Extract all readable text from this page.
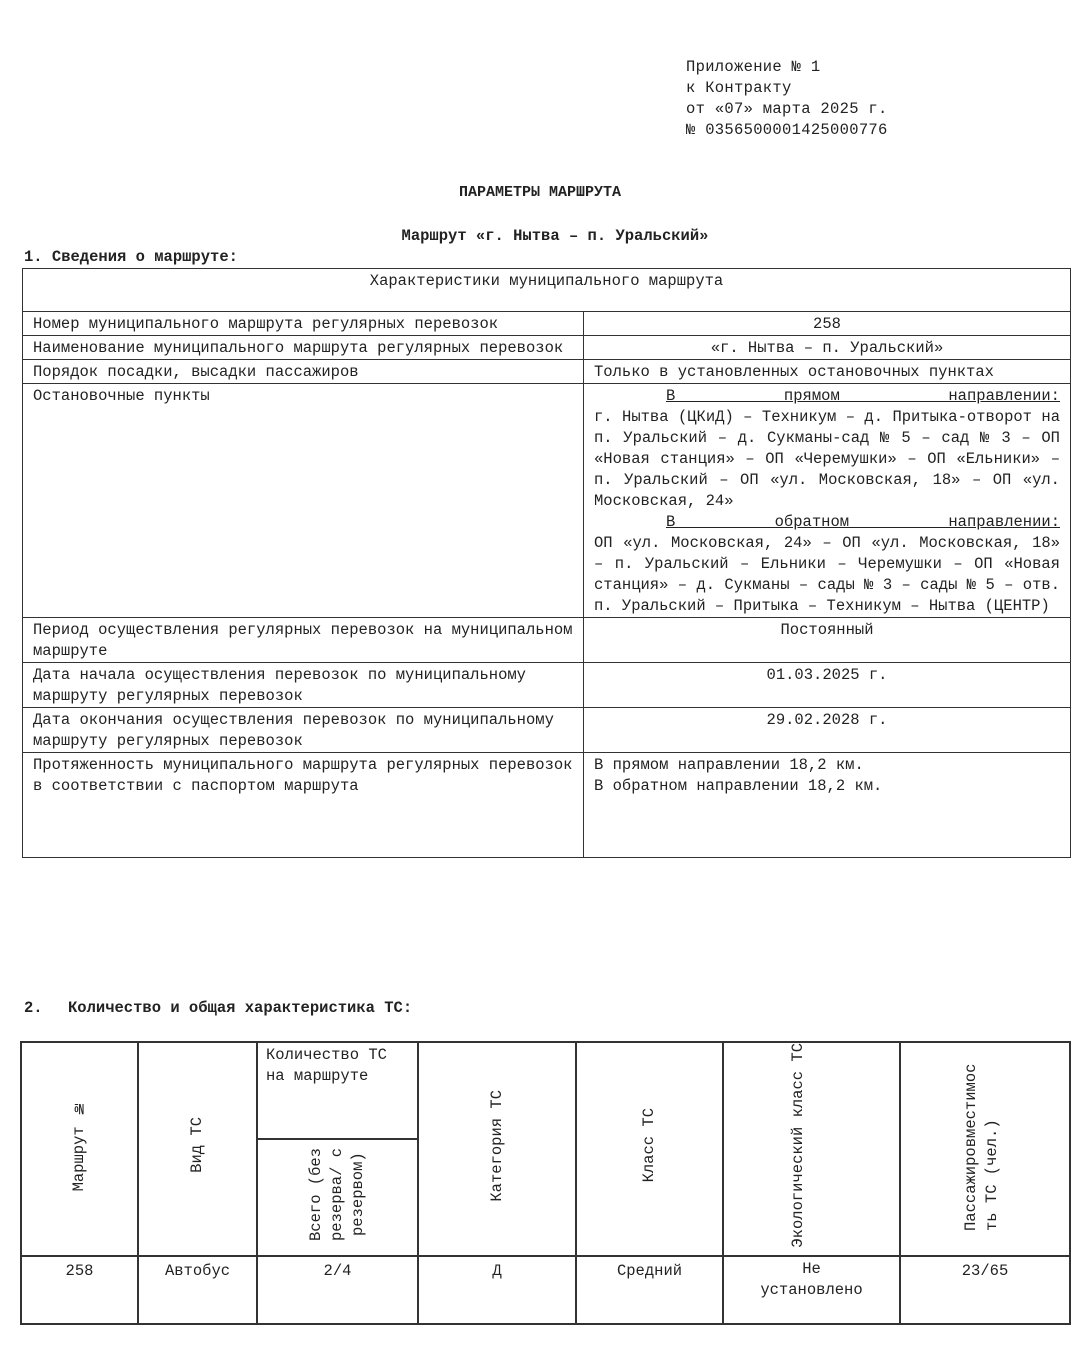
Приложение № 1
к Контракту
от «07» марта 2025 г.
№ 0356500001425000776
ПАРАМЕТРЫ МАРШРУТА
Маршрут «г. Нытва – п. Уральский»
1. Сведения о маршруте:
Характеристики муниципального маршрута	
Номер муниципального маршрута регулярных перевозок	258
Наименование муниципального маршрута регулярных перевозок	«г. Нытва – п. Уральский»
Порядок посадки, высадки пассажиров	Только в установленных остановочных пунктах
Остановочные пункты	В прямом направлении:
г. Нытва (ЦКиД) – Техникум – д. Притыка-отворот на п. Уральский – д. Сукманы-сад № 5 – сад № 3 – ОП «Новая станция» – ОП «Черемушки» – ОП «Ельники» – п. Уральский – ОП «ул. Московская, 18» – ОП «ул. Московская, 24»
В обратном направлении:
ОП «ул. Московская, 24» – ОП «ул. Московская, 18» – п. Уральский – Ельники – Черемушки – ОП «Новая станция» – д. Сукманы – сады № 3 – сады № 5 – отв. п. Уральский – Притыка – Техникум – Нытва (ЦЕНТР)

Период осуществления регулярных перевозок на муниципальном маршруте	Постоянный
Дата начала осуществления перевозок по муниципальному маршруту регулярных перевозок	01.03.2025 г.
Дата окончания осуществления перевозок по муниципальному маршруту регулярных перевозок	29.02.2028 г.
Протяженность муниципального маршрута регулярных перевозок в соответствии с паспортом маршрута	В прямом направлении 18,2 км.
В обратном направлении 18,2 км.
2. Количество и общая характеристика ТС:
Маршрут №	Вид ТС	Количество ТС на маршруте	Категория ТС	Класс ТС	Экологический класс ТС	Пассажировместимость ТС (чел.)
		Всего (без резерва/ с резервом)				
258	Автобус	2/4	Д	Средний	Не установлено	23/65
